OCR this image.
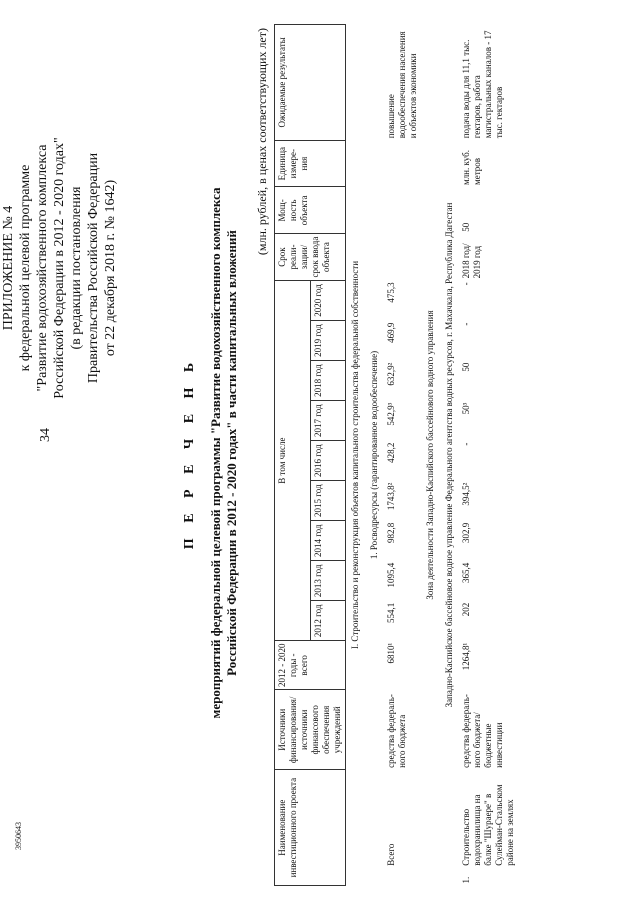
34
3950643
ПРИЛОЖЕНИЕ № 4 к федеральной целевой программе "Развитие водохозяйственного комплекса Российской Федерации в 2012 - 2020 годах" (в редакции постановления Правительства Российской Федерации от 22 декабря 2018 г. № 1642)
П Е Р Е Ч Е Н Ь мероприятий федеральной целевой программы "Развитие водохозяйственного комплекса Российской Федерации в 2012 - 2020 годах" в части капитальных вложений
(млн. рублей, в ценах соответствующих лет)
Наименование инвестиционного проекта		Источники финансирования/ источники финансового обеспечения учреждений	2012 - 2020 годы - всего	В том числе									Срок реали-зации/ срок ввода объекта	Мощ-ность объекта	Единица измере-ния	Ожидаемые результаты
				2012 год	2013 год	2014 год	2015 год	2016 год	2017 год	2018 год	2019 год	2020 год				
I. Строительство и реконструкция объектов капитального строительства федеральной собственности																
1. Росводресурсы (гарантированное водообеспечение)																
	Всего	средства федераль-ного бюджета	6810¹	554,1	1095,4	982,8	1743,8²	428,2	542,9³	632,9²	469,9	475,3				повышение водообеспечения населения и объектов экономики
Зона деятельности Западно-Каспийского бассейнового водного управления																
Западно-Каспийское бассейновое водное управление Федерального агентства водных ресурсов, г. Махачкала, Республика Дагестан																
1.	Строительство водохранилища на балке "Шураере" в Сулейман-Стальском районе на землях	средства федераль-ного бюджета/ бюджетные инвестиции	1264,8¹	202	365,4	302,9	394,5²	-	50³	50	-	-	2018 год/ 2019 год	50	млн. куб. метров	подача воды для 11,1 тыс. гектаров, работа магистральных каналов - 17 тыс. гектаров
